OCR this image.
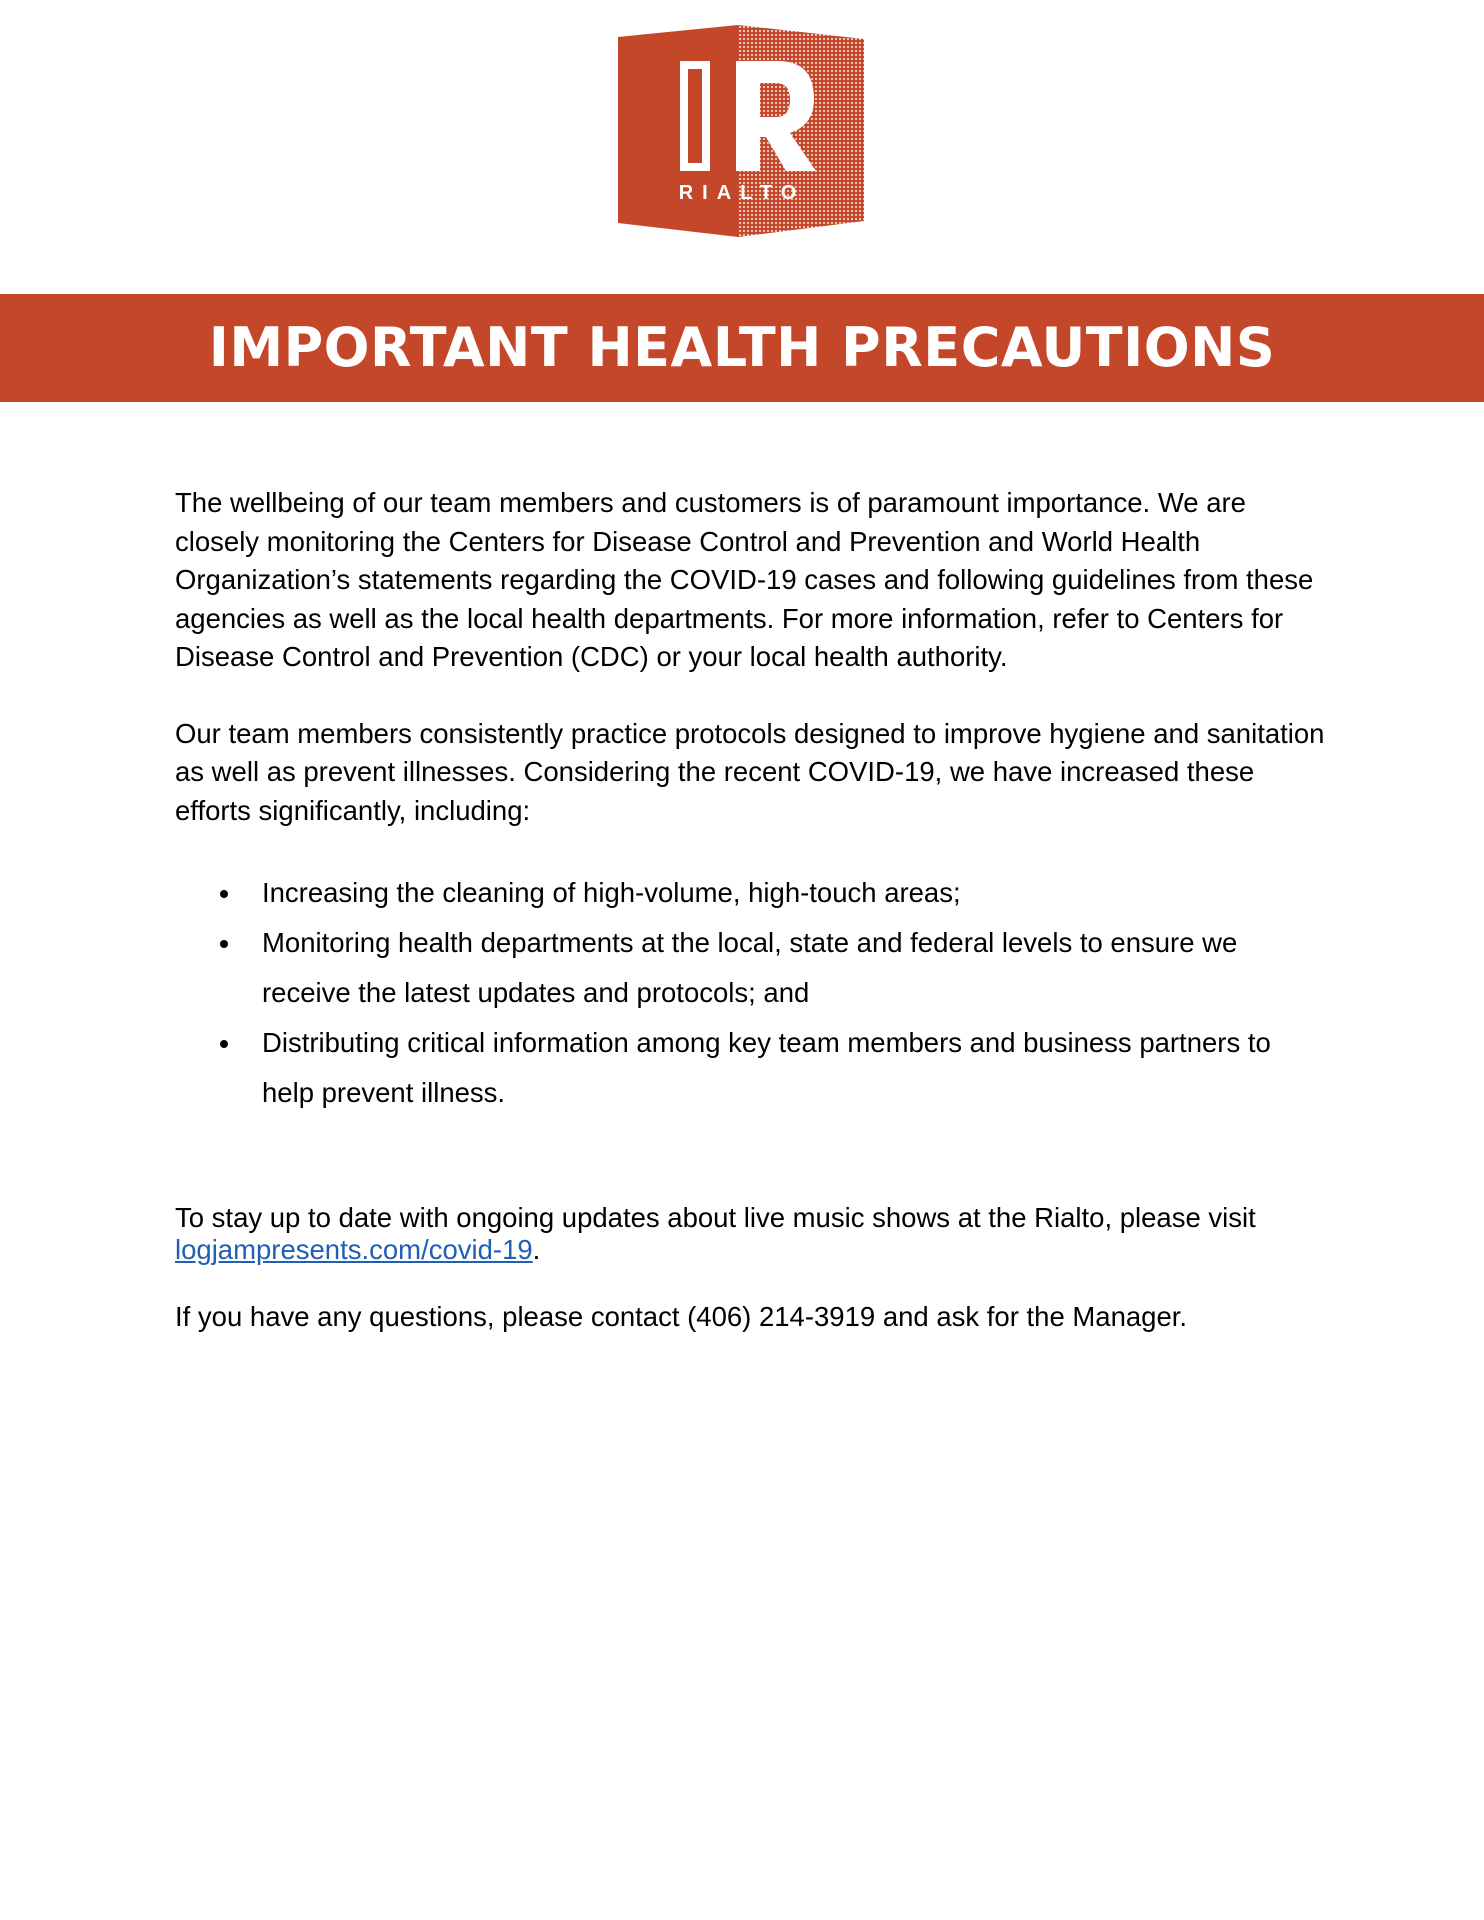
RIALTO
IMPORTANT HEALTH PRECAUTIONS

The wellbeing of our team members and customers is of paramount importance. We are closely monitoring the Centers for Disease Control and Prevention and World Health Organization’s statements regarding the COVID-19 cases and following guidelines from these agencies as well as the local health departments. For more information, refer to Centers for Disease Control and Prevention (CDC) or your local health authority.

Our team members consistently practice protocols designed to improve hygiene and sanitation as well as prevent illnesses. Considering the recent COVID-19, we have increased these efforts significantly, including:

Increasing the cleaning of high-volume, high-touch areas;
Monitoring health departments at the local, state and federal levels to ensure we receive the latest updates and protocols; and
Distributing critical information among key team members and business partners to help prevent illness.

To stay up to date with ongoing updates about live music shows at the Rialto, please visit logjampresents.com/covid-19.

If you have any questions, please contact (406) 214-3919 and ask for the Manager.
